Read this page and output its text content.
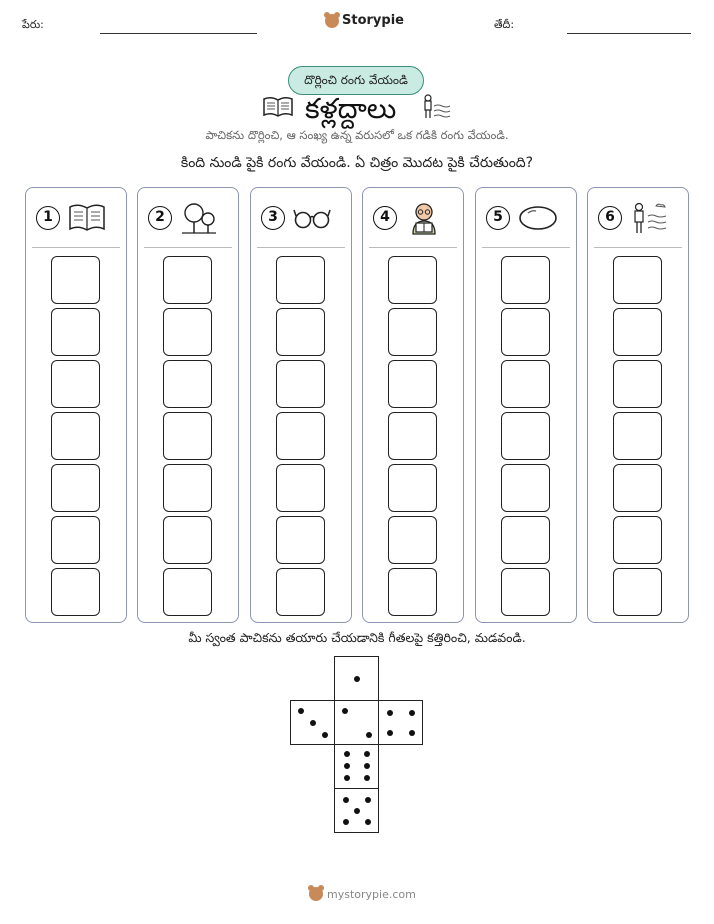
పేరు:	Storypie	తేదీ:
దొర్లించి రంగు వేయండి
కళ్లద్దాలు
పాచికను దొర్లించి, ఆ సంఖ్య ఉన్న వరుసలో ఒక గడికి రంగు వేయండి.
కింది నుండి పైకి రంగు వేయండి. ఏ చిత్రం మొదట పైకి చేరుతుంది?
1	2	3	4	5	6
మీ స్వంత పాచికను తయారు చేయడానికి గీతలపై కత్తిరించి, మడవండి.
mystorypie.com
